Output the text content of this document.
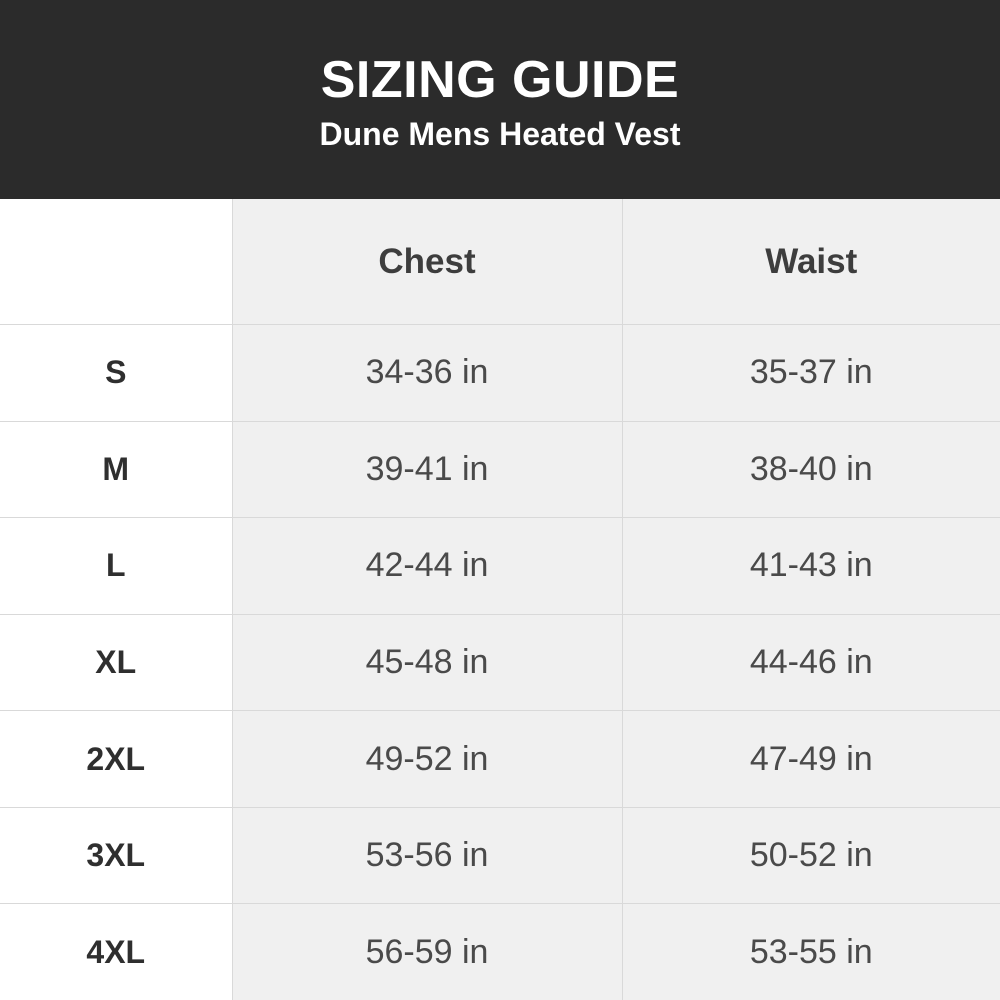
SIZING GUIDE
Dune Mens Heated Vest
	Chest	Waist
S	34-36 in	35-37 in
M	39-41 in	38-40 in
L	42-44 in	41-43 in
XL	45-48 in	44-46 in
2XL	49-52 in	47-49 in
3XL	53-56 in	50-52 in
4XL	56-59 in	53-55 in
